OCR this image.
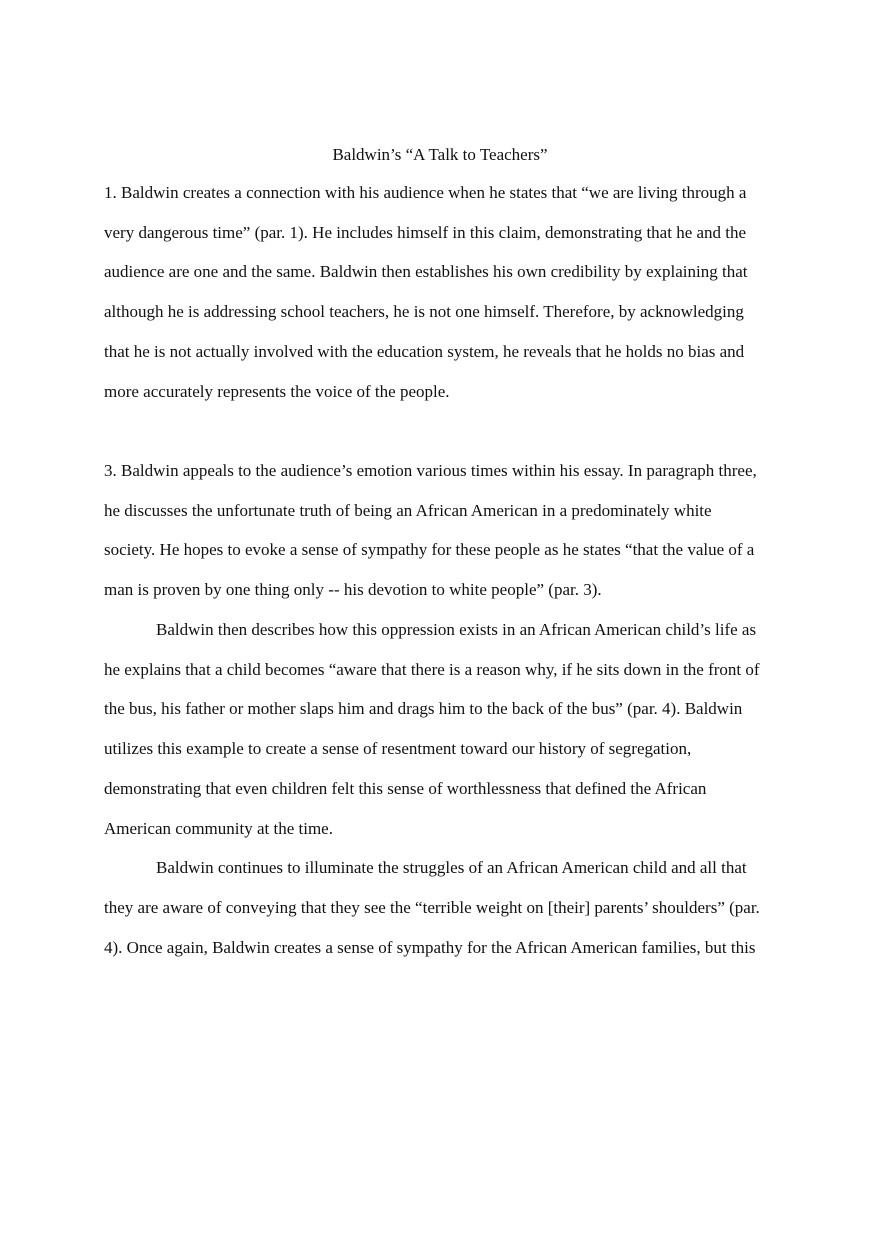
Baldwin’s “A Talk to Teachers”
1. Baldwin creates a connection with his audience when he states that “we are living through a
very dangerous time” (par. 1). He includes himself in this claim, demonstrating that he and the
audience are one and the same. Baldwin then establishes his own credibility by explaining that
although he is addressing school teachers, he is not one himself. Therefore, by acknowledging
that he is not actually involved with the education system, he reveals that he holds no bias and
more accurately represents the voice of the people.
3. Baldwin appeals to the audience’s emotion various times within his essay. In paragraph three,
he discusses the unfortunate truth of being an African American in a predominately white
society. He hopes to evoke a sense of sympathy for these people as he states “that the value of a
man is proven by one thing only -- his devotion to white people” (par. 3).
Baldwin then describes how this oppression exists in an African American child’s life as
he explains that a child becomes “aware that there is a reason why, if he sits down in the front of
the bus, his father or mother slaps him and drags him to the back of the bus” (par. 4). Baldwin
utilizes this example to create a sense of resentment toward our history of segregation,
demonstrating that even children felt this sense of worthlessness that defined the African
American community at the time.
Baldwin continues to illuminate the struggles of an African American child and all that
they are aware of conveying that they see the “terrible weight on [their] parents’ shoulders” (par.
4). Once again, Baldwin creates a sense of sympathy for the African American families, but this
